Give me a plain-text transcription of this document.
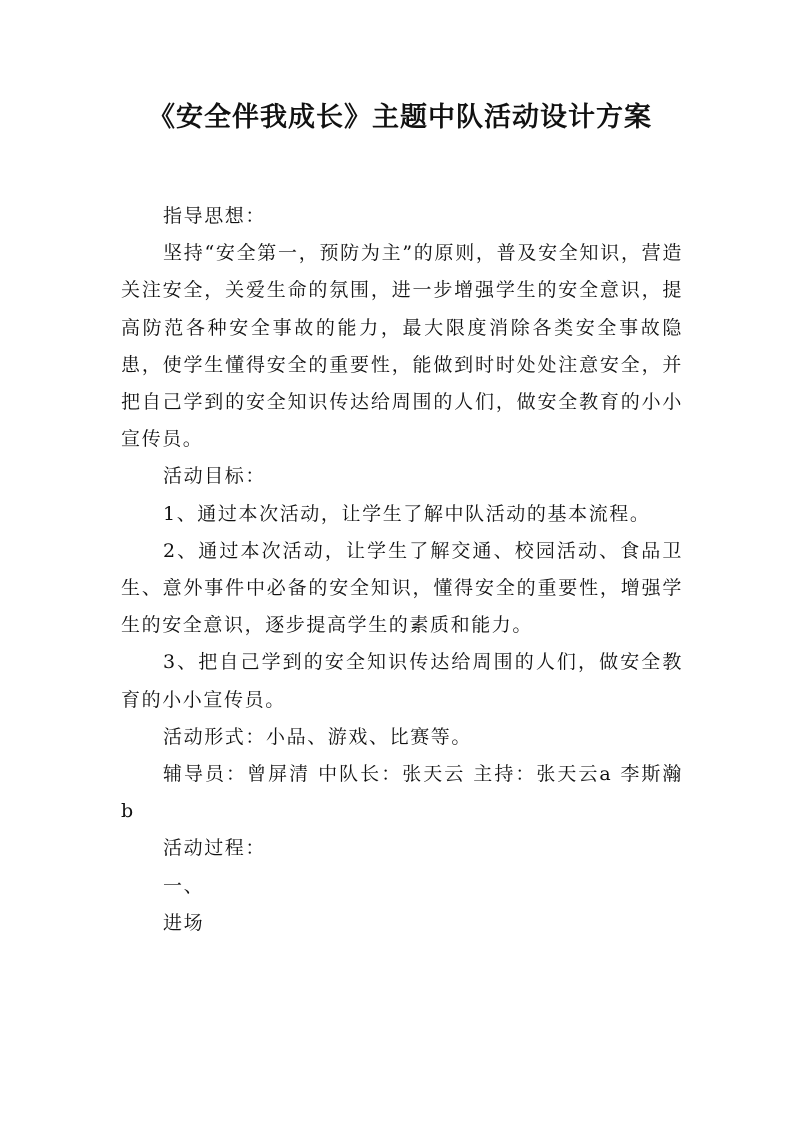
《安全伴我成长》主题中队活动设计方案

指导思想：

坚持“安全第一，预防为主”的原则，普及安全知识，营造关注安全，关爱生命的氛围，进一步增强学生的安全意识，提高防范各种安全事故的能力，最大限度消除各类安全事故隐患，使学生懂得安全的重要性，能做到时时处处注意安全，并把自己学到的安全知识传达给周围的人们，做安全教育的小小宣传员。

活动目标：

1、通过本次活动，让学生了解中队活动的基本流程。

2、通过本次活动，让学生了解交通、校园活动、食品卫生、意外事件中必备的安全知识，懂得安全的重要性，增强学生的安全意识，逐步提高学生的素质和能力。

3、把自己学到的安全知识传达给周围的人们，做安全教育的小小宣传员。

活动形式：小品、游戏、比赛等。

辅导员：曾屏清 中队长：张天云 主持：张天云a 李斯瀚 b

活动过程：

一、

进场
